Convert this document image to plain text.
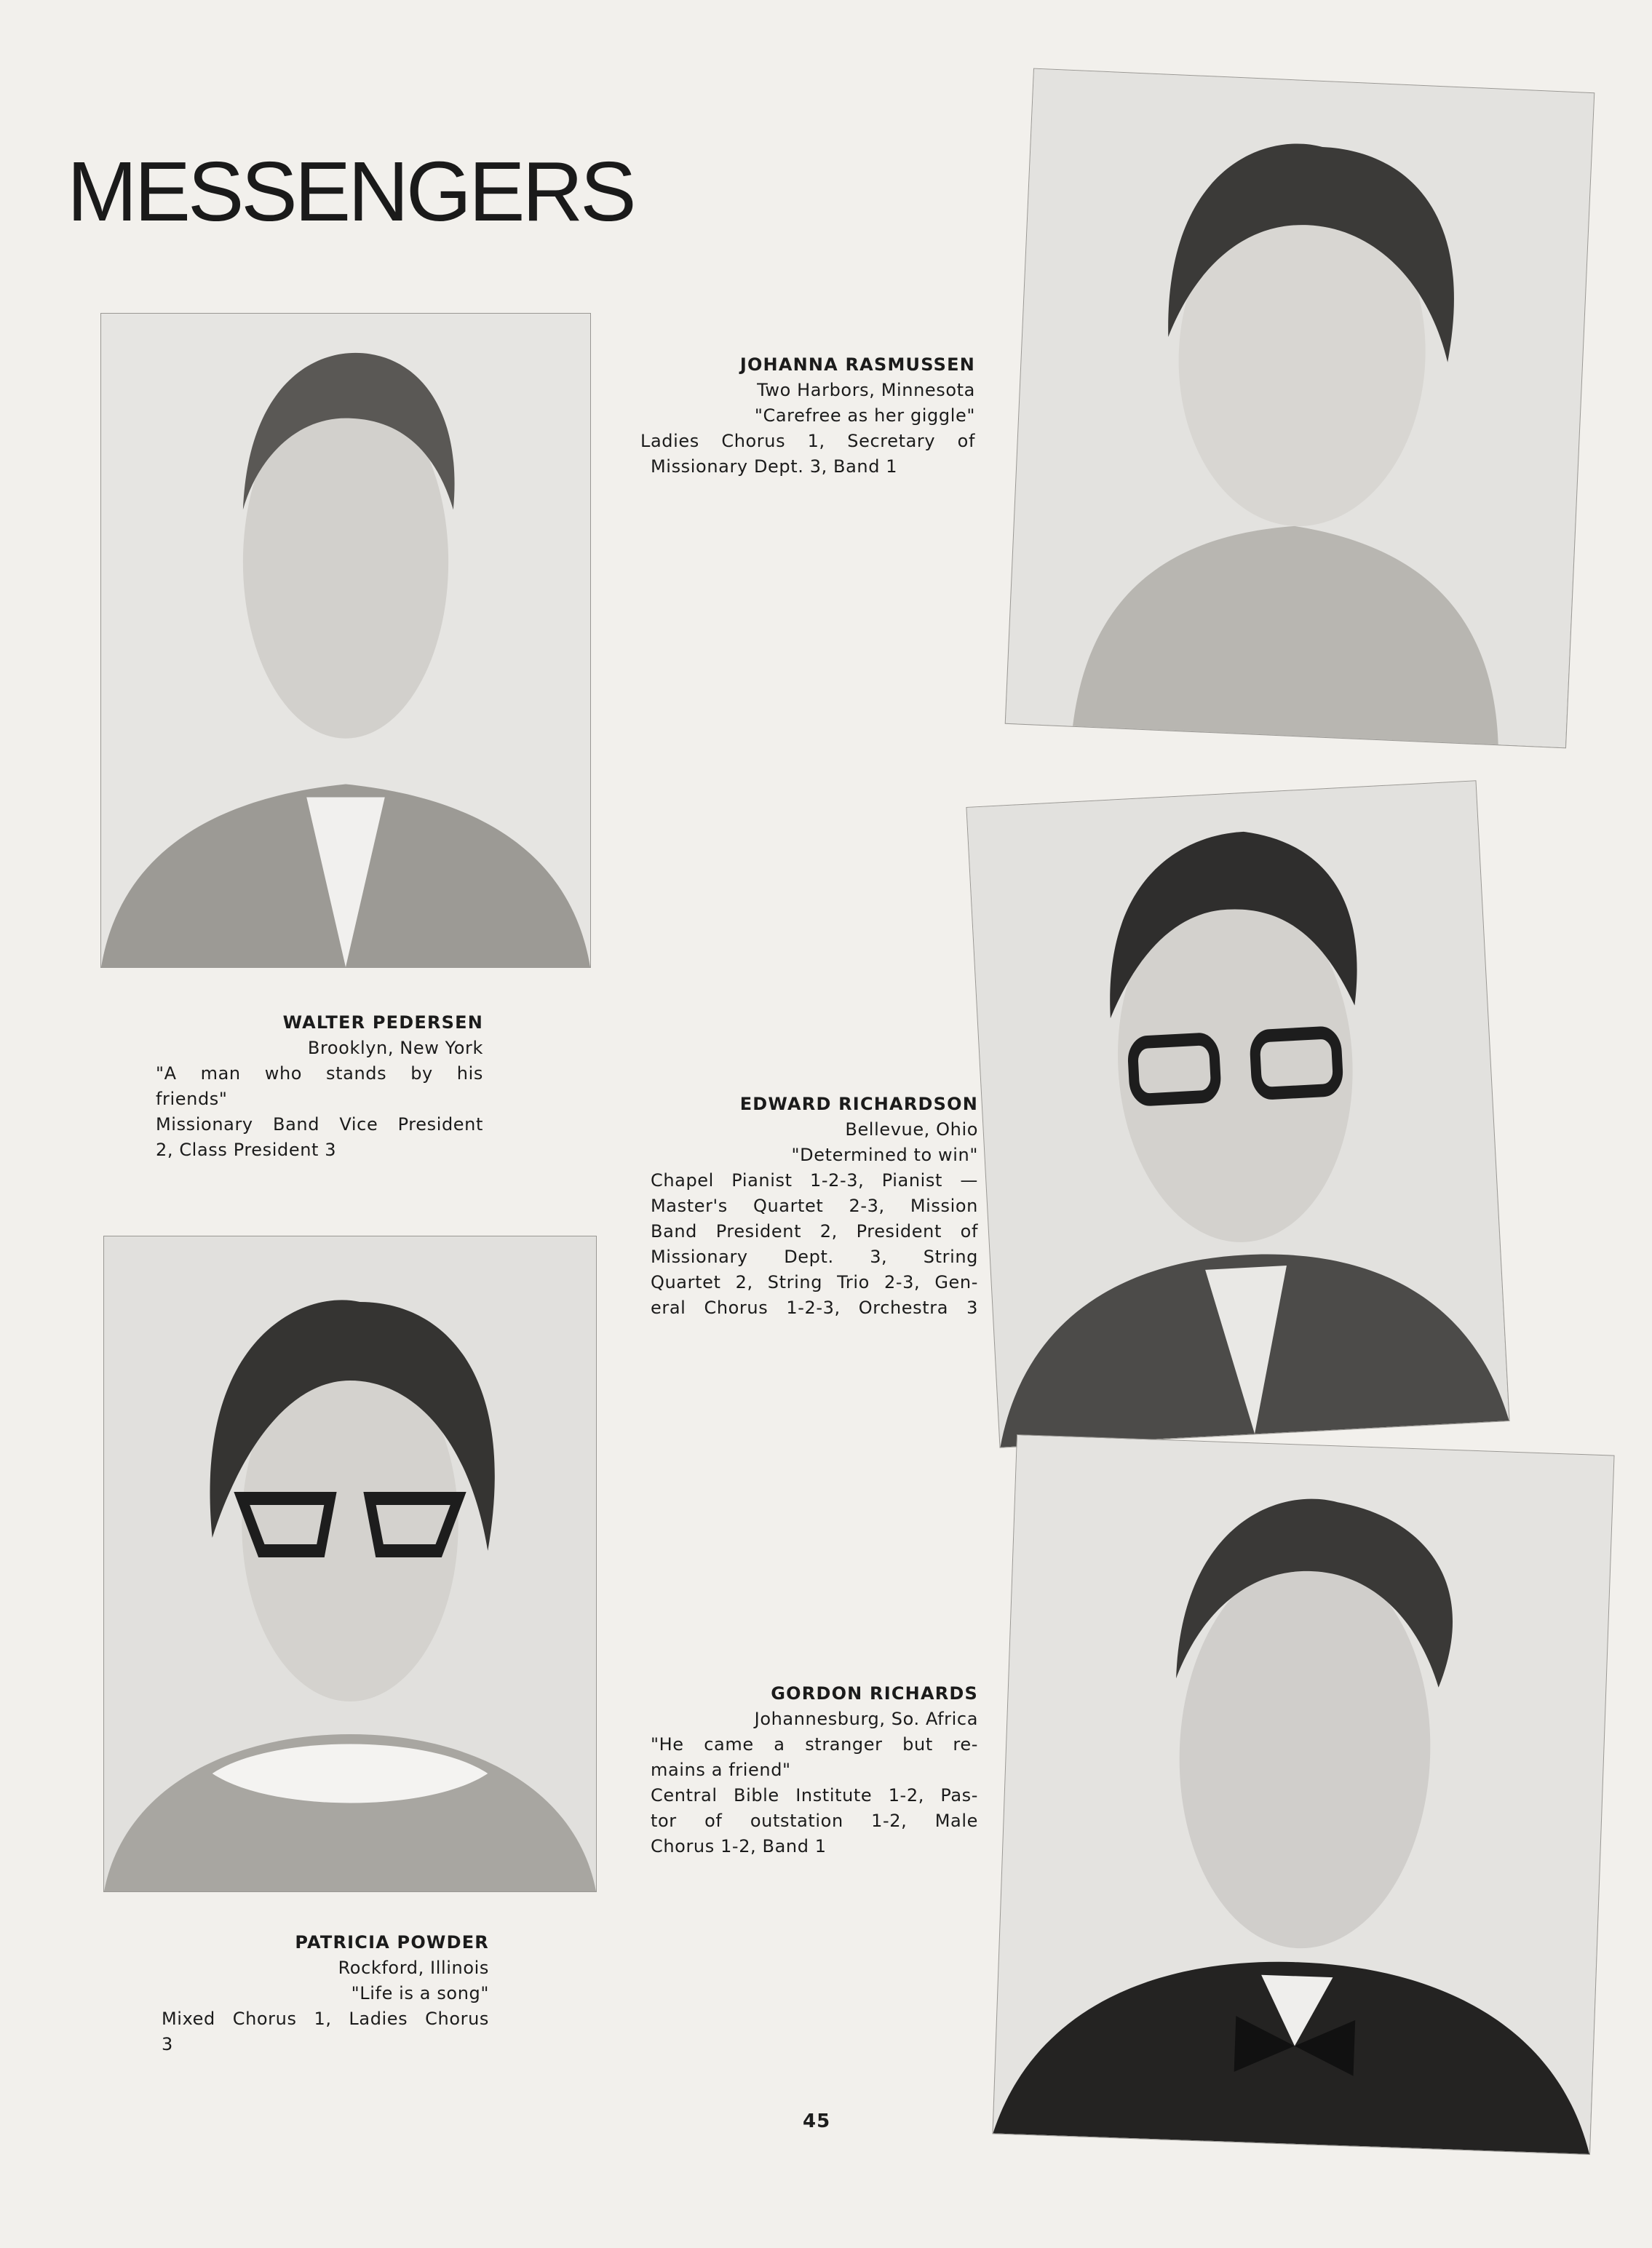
MESSENGERS
JOHANNA RASMUSSEN
Two Harbors, Minnesota
"Carefree as her giggle"
Ladies Chorus 1, Secretary of
Missionary Dept. 3, Band 1
WALTER PEDERSEN
Brooklyn, New York
"A man who stands by his
friends"
Missionary Band Vice President
2, Class President 3
EDWARD RICHARDSON
Bellevue, Ohio
"Determined to win"
Chapel Pianist 1-2-3, Pianist —
Master's Quartet 2-3, Mission
Band President 2, President of
Missionary Dept. 3, String
Quartet 2, String Trio 2-3, Gen-
eral Chorus 1-2-3, Orchestra 3
PATRICIA POWDER
Rockford, Illinois
"Life is a song"
Mixed Chorus 1, Ladies Chorus
3
GORDON RICHARDS
Johannesburg, So. Africa
"He came a stranger but re-
mains a friend"
Central Bible Institute 1-2, Pas-
tor of outstation 1-2, Male
Chorus 1-2, Band 1
45
